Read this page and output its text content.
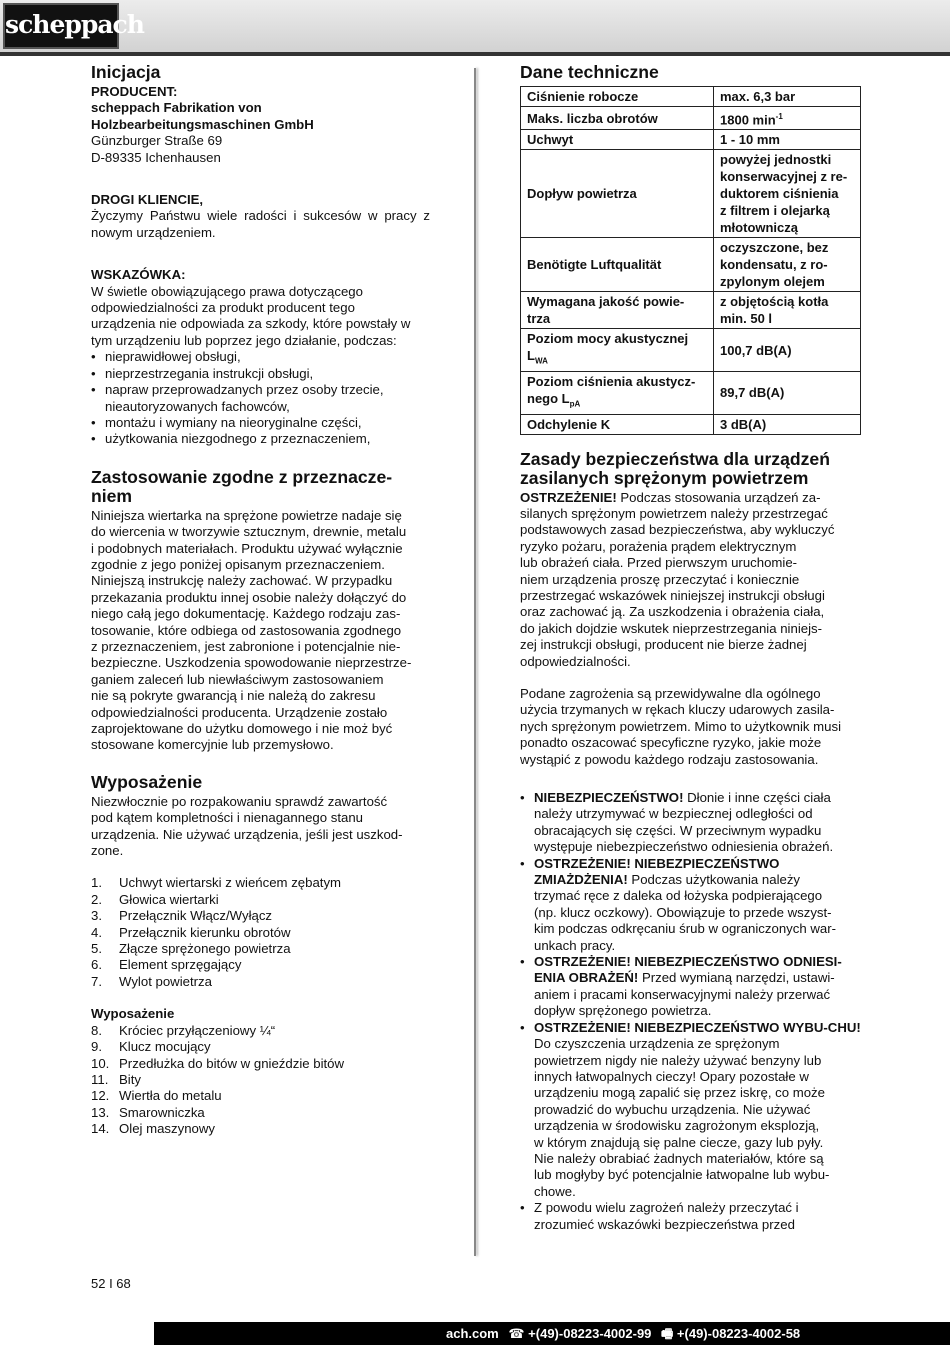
scheppach
Inicjacja

PRODUCENT:

scheppach Fabrikation von

Holzbearbeitungsmaschinen GmbH

Günzburger Straße 69

D-89335 Ichenhausen

DROGI KLIENCIE,

Życzymy Państwu wiele radości i sukcesów w pracy z nowym urządzeniem.

WSKAZÓWKA:

W świetle obowiązującego prawa dotyczącego

odpowiedzialności za produkt producent tego

urządzenia nie odpowiada za szkody, które powstały w

tym urządzeniu lub poprzez jego działanie, podczas:

• nieprawidłowej obsługi,
• nieprzestrzegania instrukcji obsługi,
• napraw przeprowadzanych przez osoby trzecie, nieautoryzowanych fachowców,
• montażu i wymiany na nieoryginalne części,
• użytkowania niezgodnego z przeznaczeniem,
Zastosowanie zgodne z przeznacze-
niem

Niniejsza wiertarka na sprężone powietrze nadaje się

do wiercenia w tworzywie sztucznym, drewnie, metalu

i podobnych materiałach. Produktu używać wyłącznie

zgodnie z jego poniżej opisanym przeznaczeniem.

Niniejszą instrukcję należy zachować. W przypadku

przekazania produktu innej osobie należy dołączyć do

niego całą jego dokumentację. Każdego rodzaju zas-

tosowanie, które odbiega od zastosowania zgodnego

z przeznaczeniem, jest zabronione i potencjalnie nie-

bezpieczne. Uszkodzenia spowodowanie nieprzestrze-

ganiem zaleceń lub niewłaściwym zastosowaniem

nie są pokryte gwarancją i nie należą do zakresu

odpowiedzialności producenta. Urządzenie zostało

zaprojektowane do użytku domowego i nie moż być

stosowane komercyjnie lub przemysłowo.

Wyposażenie

Niezwłocznie po rozpakowaniu sprawdź zawartość

pod kątem kompletności i nienagannego stanu

urządzenia. Nie używać urządzenia, jeśli jest uszkod-

zone.

1.	Uchwyt wiertarski z wieńcem zębatym
2.	Głowica wiertarki
3.	Przełącznik Włącz/Wyłącz
4.	Przełącznik kierunku obrotów
5.	Złącze sprężonego powietrza
6.	Element sprzęgający
7.	Wylot powietrza

Wyposażenie

8.	Króciec przyłączeniowy ¼“
9.	Klucz mocujący
10. Przedłużka do bitów w gnieździe bitów
11. Bity
12. Wiertła do metalu
13. Smarowniczka
14. Olej maszynowy
Dane techniczne
Ciśnienie robocze	max. 6,3 bar
Maks. liczba obrotów	1800 $\min^{-1}$
Uchwyt	1 - 10 mm
Dopływ powietrza	powyżej jednostki
konserwacyjnej z re-
duktorem ciśnienia
z filtrem i olejarką
młotowniczą
Benötigte Luftqualität	oczyszczone, bez
kondensatu, z ro-
zpylonym olejem
Wymagana jakość powie-
trza	z objętością kotła
min. 50 l
Poziom mocy akustycznej
$L_{WA}$	100,7 dB(A)
Poziom ciśnienia akustycz-
nego $L_{pA}$	89,7 dB(A)
Odchylenie K	3 dB(A)
Zasady bezpieczeństwa dla urządzeń
zasilanych sprężonym powietrzem

OSTRZEŻENIE! Podczas stosowania urządzeń za-

silanych sprężonym powietrzem należy przestrzegać

podstawowych zasad bezpieczeństwa, aby wykluczyć

ryzyko pożaru, porażenia prądem elektrycznym

lub obrażeń ciała. Przed pierwszym uruchomie-

niem urządzenia proszę przeczytać i koniecznie

przestrzegać wskazówek niniejszej instrukcji obsługi

oraz zachować ją. Za uszkodzenia i obrażenia ciała,

do jakich dojdzie wskutek nieprzestrzegania niniejs-

zej instrukcji obsługi, producent nie bierze żadnej

odpowiedzialności.

Podane zagrożenia są przewidywalne dla ogólnego

użycia trzymanych w rękach kluczy udarowych zasila-

nych sprężonym powietrzem. Mimo to użytkownik musi

ponadto oszacować specyficzne ryzyko, jakie może

wystąpić z powodu każdego rodzaju zastosowania.

• NIEBEZPIECZEŃSTWO! Dłonie i inne części ciała
należy utrzymywać w bezpiecznej odległości od
obracających się części. W przeciwnym wypadku
występuje niebezpieczeństwo odniesienia obrażeń.
• OSTRZEŻENIE! NIEBEZPIECZEŃSTWO ZMIAŻDŻENIA! Podczas użytkowania należy
trzymać ręce z daleka od łożyska podpierającego
(np. klucz oczkowy). Obowiązuje to przede wszyst-
kim podczas odkręcaniu śrub w ograniczonych war-
unkach pracy.
• OSTRZEŻENIE! NIEBEZPIECZEŃSTWO ODNIESI-ENIA OBRAŻEŃ! Przed wymianą narzędzi, ustawi-
aniem i pracami konserwacyjnymi należy przerwać
dopływ sprężonego powietrza.
• OSTRZEŻENIE! NIEBEZPIECZEŃSTWO WYBU-CHU! Do czyszczenia urządzenia ze sprężonym
powietrzem nigdy nie należy używać benzyny lub
innych łatwopalnych cieczy! Opary pozostałe w
urządzeniu mogą zapalić się przez iskrę, co może
prowadzić do wybuchu urządzenia. Nie używać
urządzenia w środowisku zagrożonym eksplozją,
w którym znajdują się palne ciecze, gazy lub pyły.
Nie należy obrabiać żadnych materiałów, które są
lub mogłyby być potencjalnie łatwopalne lub wybu-
chowe.
• Z powodu wielu zagrożeń należy przeczytać i
zrozumieć wskazówki bezpieczeństwa przed
52 I 68
ach.com ☎ +(49)-08223-4002-99 🖷 +(49)-08223-4002-58
